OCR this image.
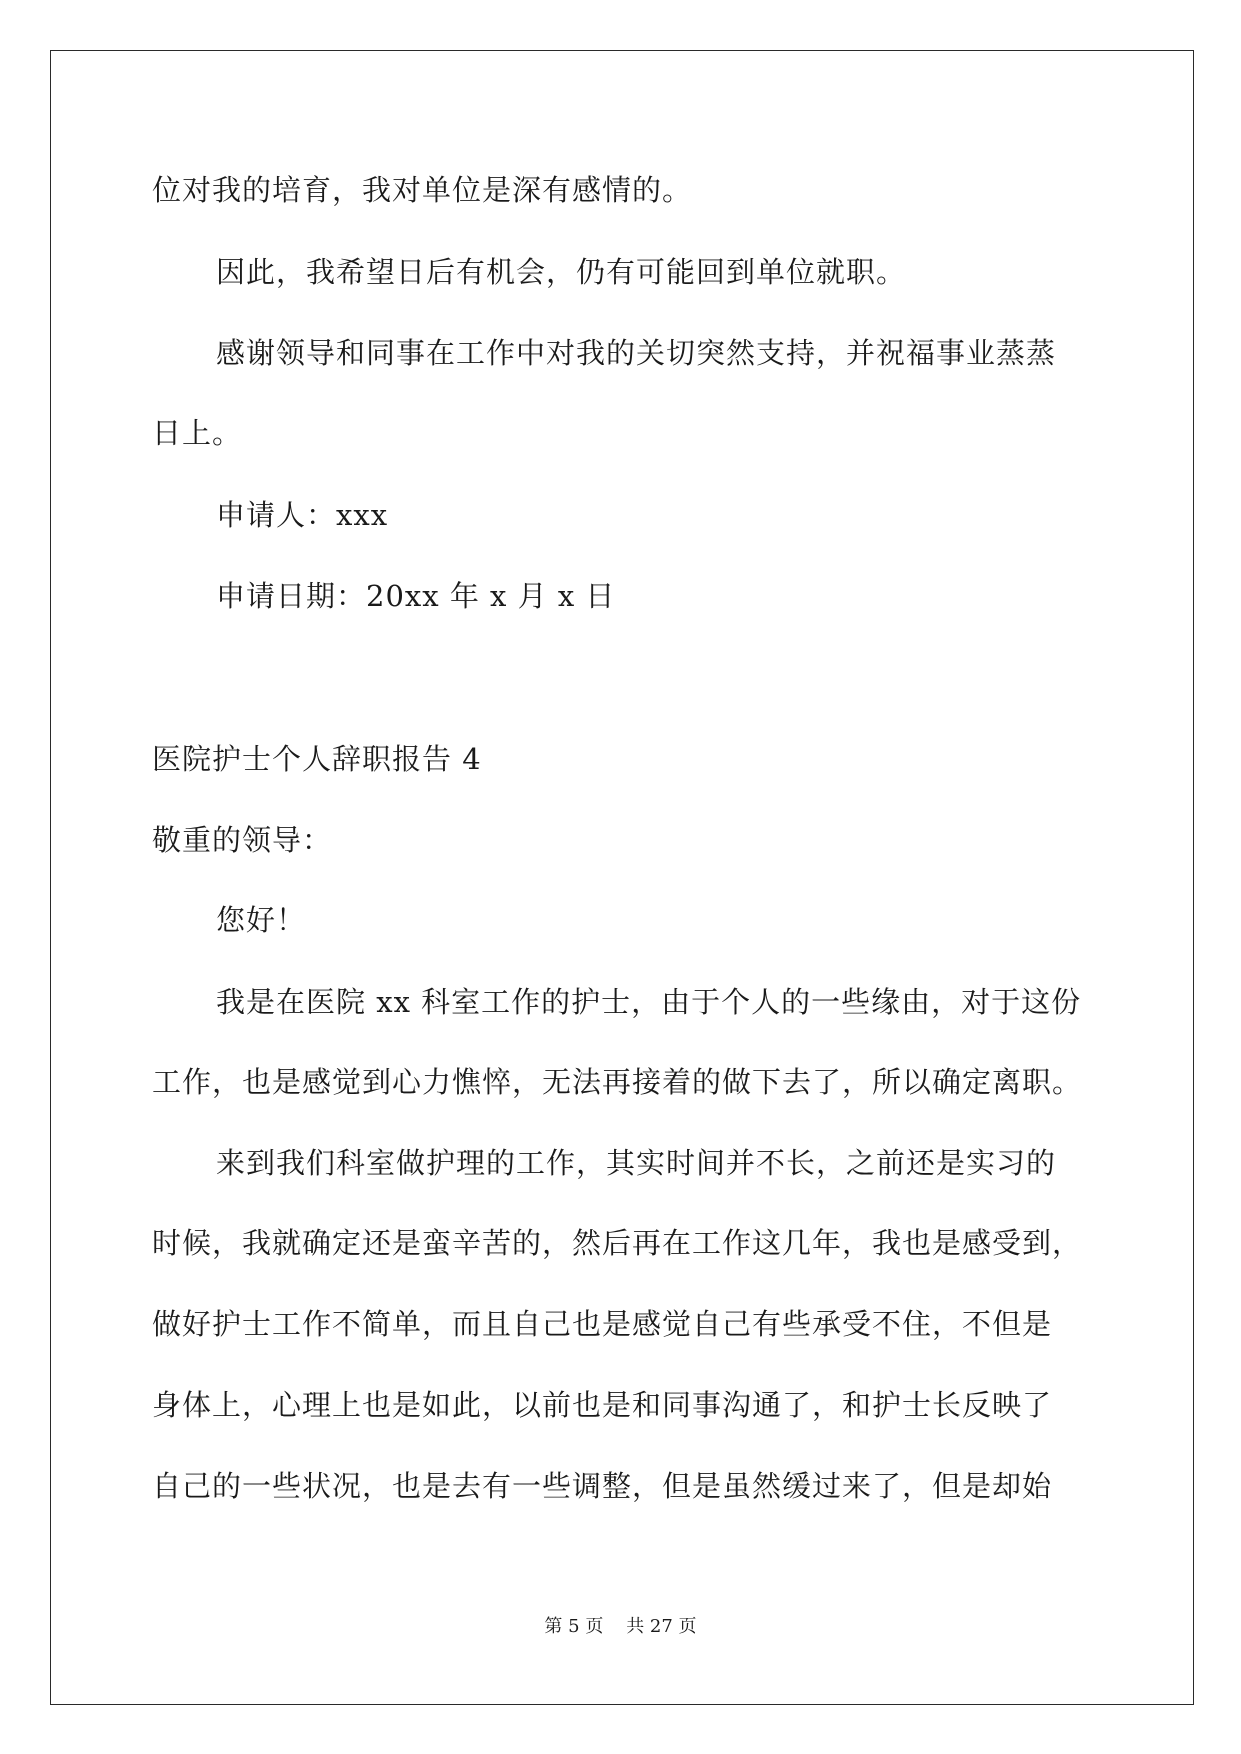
位对我的培育，我对单位是深有感情的。
因此，我希望日后有机会，仍有可能回到单位就职。
感谢领导和同事在工作中对我的关切突然支持，并祝福事业蒸蒸
日上。
申请人：xxx
申请日期：20xx 年 x 月 x 日
医院护士个人辞职报告 4
敬重的领导：
您好！
我是在医院 xx 科室工作的护士，由于个人的一些缘由，对于这份
工作，也是感觉到心力憔悴，无法再接着的做下去了，所以确定离职。
来到我们科室做护理的工作，其实时间并不长，之前还是实习的
时候，我就确定还是蛮辛苦的，然后再在工作这几年，我也是感受到，
做好护士工作不简单，而且自己也是感觉自己有些承受不住，不但是
身体上，心理上也是如此，以前也是和同事沟通了，和护士长反映了
自己的一些状况，也是去有一些调整，但是虽然缓过来了，但是却始
第 5 页    共 27 页
